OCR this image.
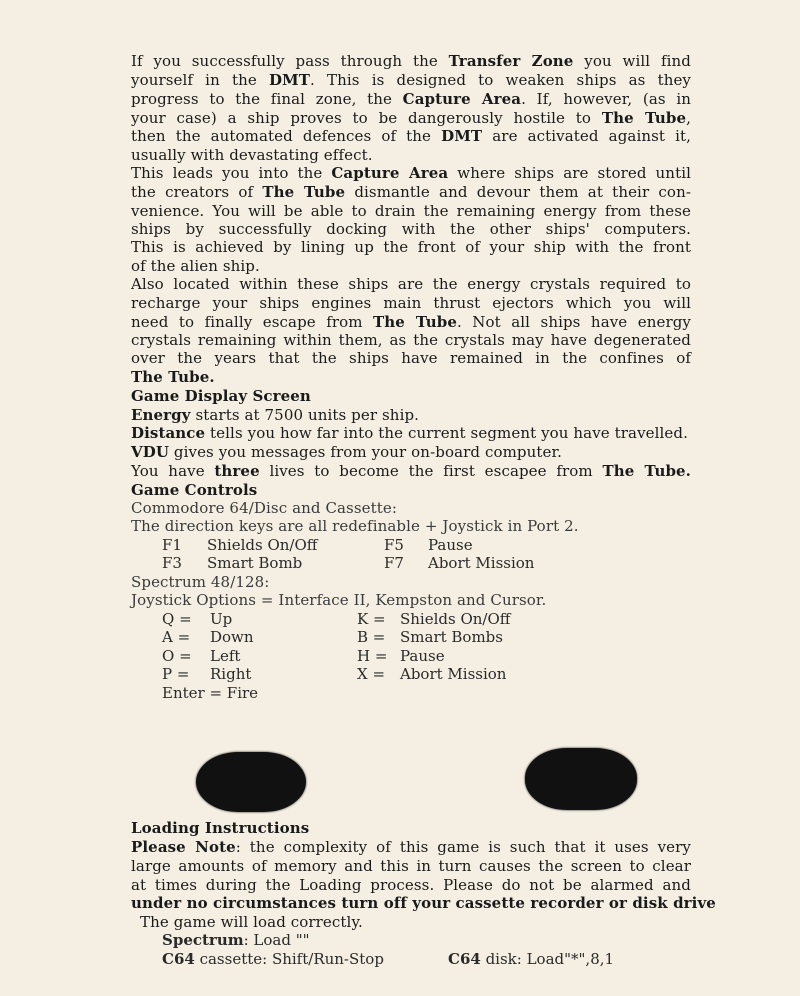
If you successfully pass through the Transfer Zone you will find
yourself in the DMT. This is designed to weaken ships as they
progress to the final zone, the Capture Area. If, however, (as in
your case) a ship proves to be dangerously hostile to The Tube,
then the automated defences of the DMT are activated against it,
usually with devastating effect.
This leads you into the Capture Area where ships are stored until
the creators of The Tube dismantle and devour them at their con-
venience. You will be able to drain the remaining energy from these
ships by successfully docking with the other ships' computers.
This is achieved by lining up the front of your ship with the front
of the alien ship.
Also located within these ships are the energy crystals required to
recharge your ships engines main thrust ejectors which you will
need to finally escape from The Tube. Not all ships have energy
crystals remaining within them, as the crystals may have degenerated
over the years that the ships have remained in the confines of
The Tube.
Game Display Screen
Energy starts at 7500 units per ship.
Distance tells you how far into the current segment you have travelled.
VDU gives you messages from your on-board computer.
You have three lives to become the first escapee from The Tube.
Game Controls
Commodore 64/Disc and Cassette:
The direction keys are all redefinable + Joystick in Port 2.
F1 Shields On/Off	F5 Pause
F3 Smart Bomb	F7 Abort Mission
Spectrum 48/128:
Joystick Options = Interface II, Kempston and Cursor.
Q = Up	K = Shields On/Off
A = Down	B = Smart Bombs
O = Left	H = Pause
P = Right	X = Abort Mission
Enter = Fire
Loading Instructions
Please Note: the complexity of this game is such that it uses very
large amounts of memory and this in turn causes the screen to clear
at times during the Loading process. Please do not be alarmed and
under no circumstances turn off your cassette recorder or disk drive
The game will load correctly.
Spectrum: Load ""
C64 cassette: Shift/Run-Stop	C64 disk: Load"*",8,1
